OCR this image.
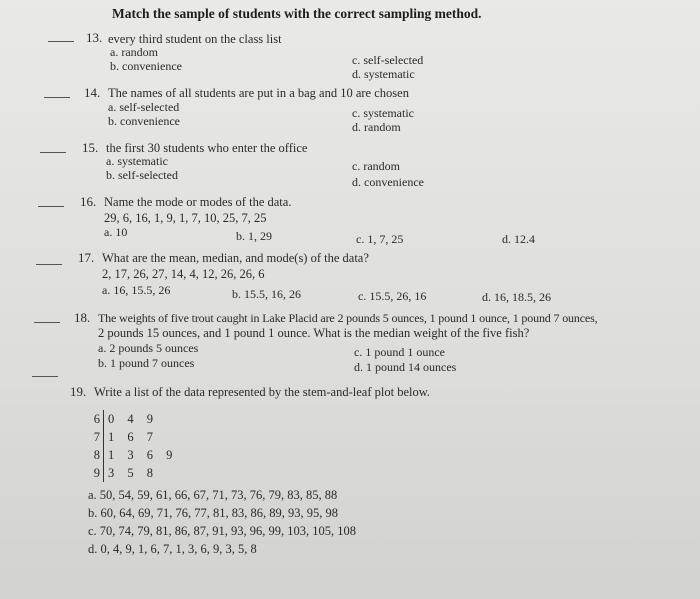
Match the sample of students with the correct sampling method.
13. every third student on the class list
a. random
b. convenience	c. self-selected
d. systematic
14. The names of all students are put in a bag and 10 are chosen
a. self-selected
b. convenience
c. systematic
d. random
15. the first 30 students who enter the office
a. systematic
b. self-selected
c. random
d. convenience
16. Name the mode or modes of the data.
29, 6, 16, 1, 9, 1, 7, 10, 25, 7, 25
a. 10	b. 1, 29	c. 1, 7, 25	d. 12.4
17. What are the mean, median, and mode(s) of the data?
2, 17, 26, 27, 14, 4, 12, 26, 26, 6
a. 16, 15.5, 26	b. 15.5, 16, 26	c. 15.5, 26, 16	d. 16, 18.5, 26
18. The weights of five trout caught in Lake Placid are 2 pounds 5 ounces, 1 pound 1 ounce, 1 pound 7 ounces,
2 pounds 15 ounces, and 1 pound 1 ounce. What is the median weight of the five fish?
a. 2 pounds 5 ounces
b. 1 pound 7 ounces
c. 1 pound 1 ounce
d. 1 pound 14 ounces
19. Write a list of the data represented by the stem-and-leaf plot below.
6 0 4 9
7 1 6 7
8 1 3 6 9
9 3 5 8
a. 50, 54, 59, 61, 66, 67, 71, 73, 76, 79, 83, 85, 88
b. 60, 64, 69, 71, 76, 77, 81, 83, 86, 89, 93, 95, 98
c. 70, 74, 79, 81, 86, 87, 91, 93, 96, 99, 103, 105, 108
d. 0, 4, 9, 1, 6, 7, 1, 3, 6, 9, 3, 5, 8
